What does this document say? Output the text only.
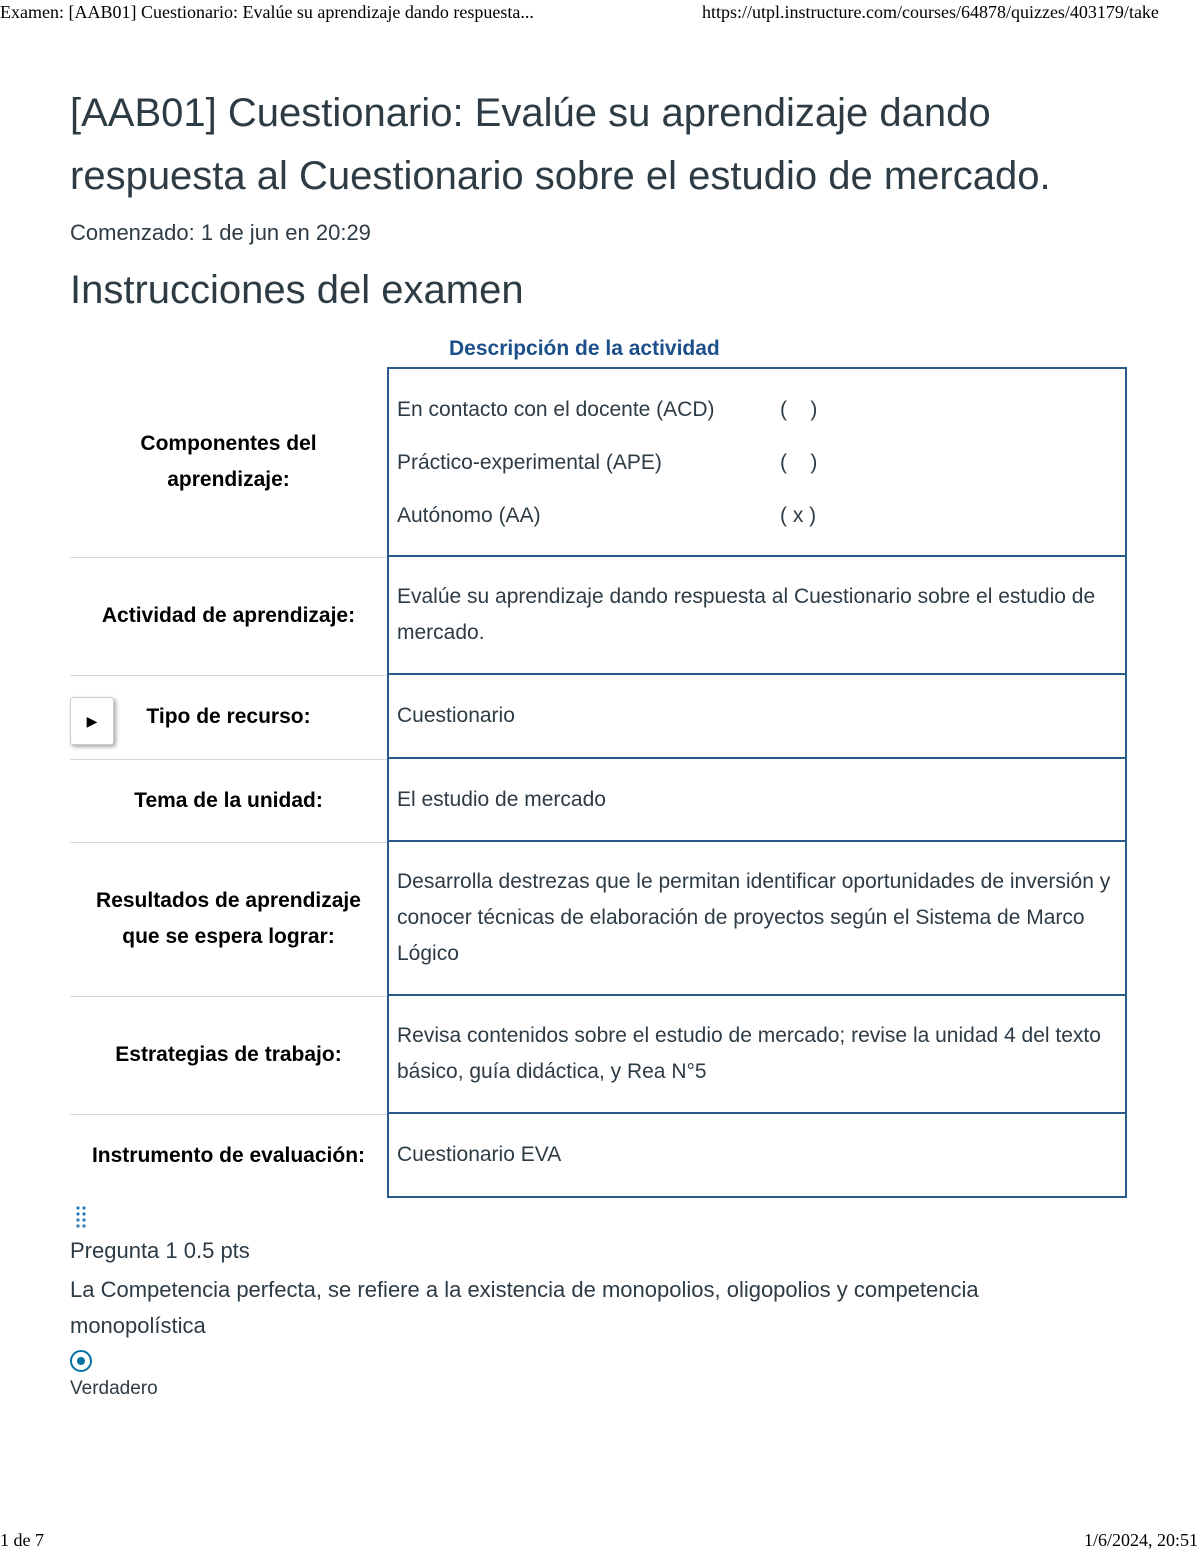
Examen: [AAB01] Cuestionario: Evalúe su aprendizaje dando respuesta...	https://utpl.instructure.com/courses/64878/quizzes/403179/take
[AAB01] Cuestionario: Evalúe su aprendizaje dando respuesta al Cuestionario sobre el estudio de mercado.
Comenzado: 1 de jun en 20:29
Instrucciones del examen
Descripción de la actividad
Componentes del aprendizaje:
En contacto con el docente (ACD)	(    )
Práctico-experimental (APE)	(    )
Autónomo (AA)	( x )
Actividad de aprendizaje:
Evalúe su aprendizaje dando respuesta al Cuestionario sobre el estudio de mercado.
Tipo de recurso:	Cuestionario
Tema de la unidad:	El estudio de mercado
Resultados de aprendizaje que se espera lograr:
Desarrolla destrezas que le permitan identificar oportunidades de inversión y conocer técnicas de elaboración de proyectos según el Sistema de Marco Lógico
Estrategias de trabajo:
Revisa contenidos sobre el estudio de mercado; revise la unidad 4 del texto básico, guía didáctica, y Rea N°5
Instrumento de evaluación:	Cuestionario EVA
▶
Pregunta 1 0.5 pts
La Competencia perfecta, se refiere a la existencia de monopolios, oligopolios y competencia monopolística
Verdadero
1 de 7	1/6/2024, 20:51
